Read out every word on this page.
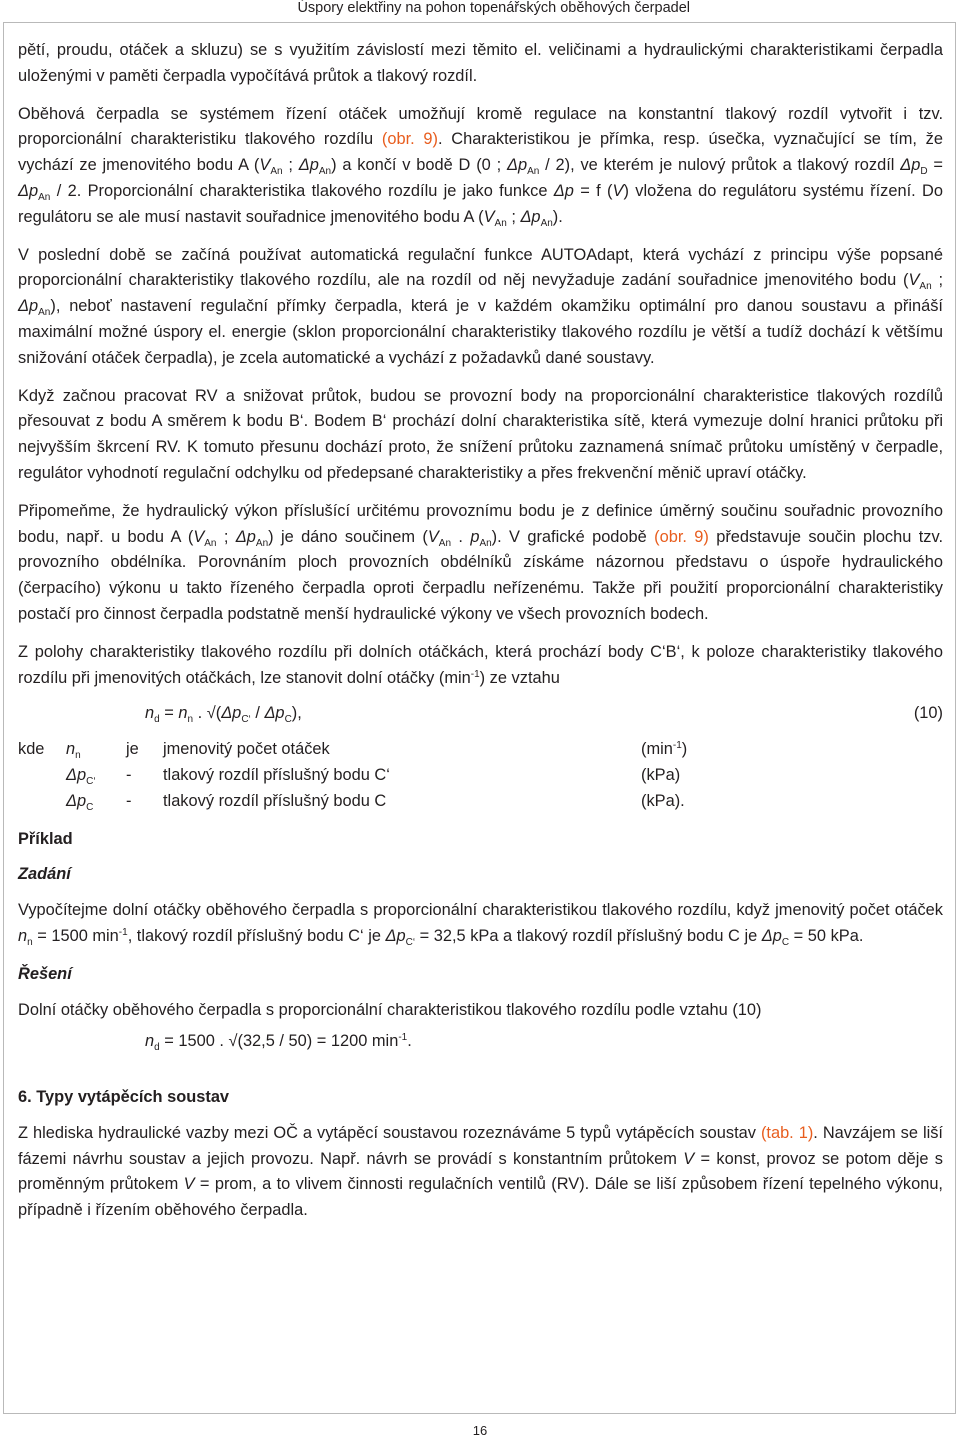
Úspory elektřiny na pohon topenářských oběhových čerpadel

pětí, proudu, otáček a skluzu) se s využitím závislostí mezi těmito el. veličinami a hydraulickými charakteristikami čerpadla uloženými v paměti čerpadla vypočítává průtok a tlakový rozdíl.

Oběhová čerpadla se systémem řízení otáček umožňují kromě regulace na konstantní tlakový rozdíl vytvořit i tzv. proporcionální charakteristiku tlakového rozdílu (obr. 9). Charakteristikou je přímka, resp. úsečka, vyznačující se tím, že vychází ze jmenovitého bodu A ($V_{An}$ ; $\Delta p_{An}$) a končí v bodě D (0 ; $\Delta p_{An} / 2$), ve kterém je nulový průtok a tlakový rozdíl $\Delta p_D = \Delta p_{An} / 2$. Proporcionální charakteristika tlakového rozdílu je jako funkce Δp = f (V) vložena do regulátoru systému řízení. Do regulátoru se ale musí nastavit souřadnice jmenovitého bodu A ($V_{An}$ ; $\Delta p_{An}$).

V poslední době se začíná používat automatická regulační funkce AUTOAdapt, která vychází z principu výše popsané proporcionální charakteristiky tlakového rozdílu, ale na rozdíl od něj nevyžaduje zadání souřadnice jmenovitého bodu ($V_{An}$ ; $\Delta p_{An}$), neboť nastavení regulační přímky čerpadla, která je v každém okamžiku optimální pro danou soustavu a přináší maximální možné úspory el. energie (sklon proporcionální charakteristiky tlakového rozdílu je větší a tudíž dochází k většímu snižování otáček čerpadla), je zcela automatické a vychází z požadavků dané soustavy.

Když začnou pracovat RV a snižovat průtok, budou se provozní body na proporcionální charakteristice tlakových rozdílů přesouvat z bodu A směrem k bodu B‘. Bodem B‘ prochází dolní charakteristika sítě, která vymezuje dolní hranici průtoku při nejvyšším škrcení RV. K tomuto přesunu dochází proto, že snížení průtoku zaznamená snímač průtoku umístěný v čerpadle, regulátor vyhodnotí regulační odchylku od předepsané charakteristiky a přes frekvenční měnič upraví otáčky.

Připomeňme, že hydraulický výkon příslušící určitému provoznímu bodu je z definice úměrný součinu souřadnic provozního bodu, např. u bodu A ($V_{An}$ ; $\Delta p_{An}$) je dáno součinem ($V_{An}$ . $p_{An}$). V grafické podobě (obr. 9) představuje součin plochu tzv. provozního obdélníka. Porovnáním ploch provozních obdélníků získáme názornou představu o úspoře hydraulického (čerpacího) výkonu u takto řízeného čerpadla oproti čerpadlu neřízenému. Takže při použití proporcionální charakteristiky postačí pro činnost čerpadla podstatně menší hydraulické výkony ve všech provozních bodech.

Z polohy charakteristiky tlakového rozdílu při dolních otáčkách, která prochází body C‘B‘, k poloze charakteristiky tlakového rozdílu při jmenovitých otáčkách, lze stanovit dolní otáčky $(\min^{-1})$ ze vztahu

$n_d = n_n$ . $√(\Delta p_{C‘} / \Delta p_C)$,	(10)
kde	$n_n$	je	jmenovitý počet otáček	$(\min^{-1})$
$\Delta p_{C‘}$	-	tlakový rozdíl příslušný bodu C‘	(kPa)
$\Delta p_C$	-	tlakový rozdíl příslušný bodu C	(kPa).
Příklad
Zadání

Vypočítejme dolní otáčky oběhového čerpadla s proporcionální charakteristikou tlakového rozdílu, když jmenovitý počet otáček $n_n = 1500$ $\min^{-1}$, tlakový rozdíl příslušný bodu C‘ je $\Delta p_{C‘} = 32,5$ kPa a tlakový rozdíl příslušný bodu C je $\Delta p_C = 50$ kPa.

Řešení

Dolní otáčky oběhového čerpadla s proporcionální charakteristikou tlakového rozdílu podle vztahu (10)

$n_d = 1500$ . √(32,5 / 50) = 1200 $\min^{-1}$.
6. Typy vytápěcích soustav

Z hlediska hydraulické vazby mezi OČ a vytápěcí soustavou rozeznáváme 5 typů vytápěcích soustav (tab. 1). Navzájem se liší fázemi návrhu soustav a jejich provozu. Např. návrh se provádí s konstantním průtokem V = konst, provoz se potom děje s proměnným průtokem V = prom, a to vlivem činnosti regulačních ventilů (RV). Dále se liší způsobem řízení tepelného výkonu, případně i řízením oběhového čerpadla.

16
